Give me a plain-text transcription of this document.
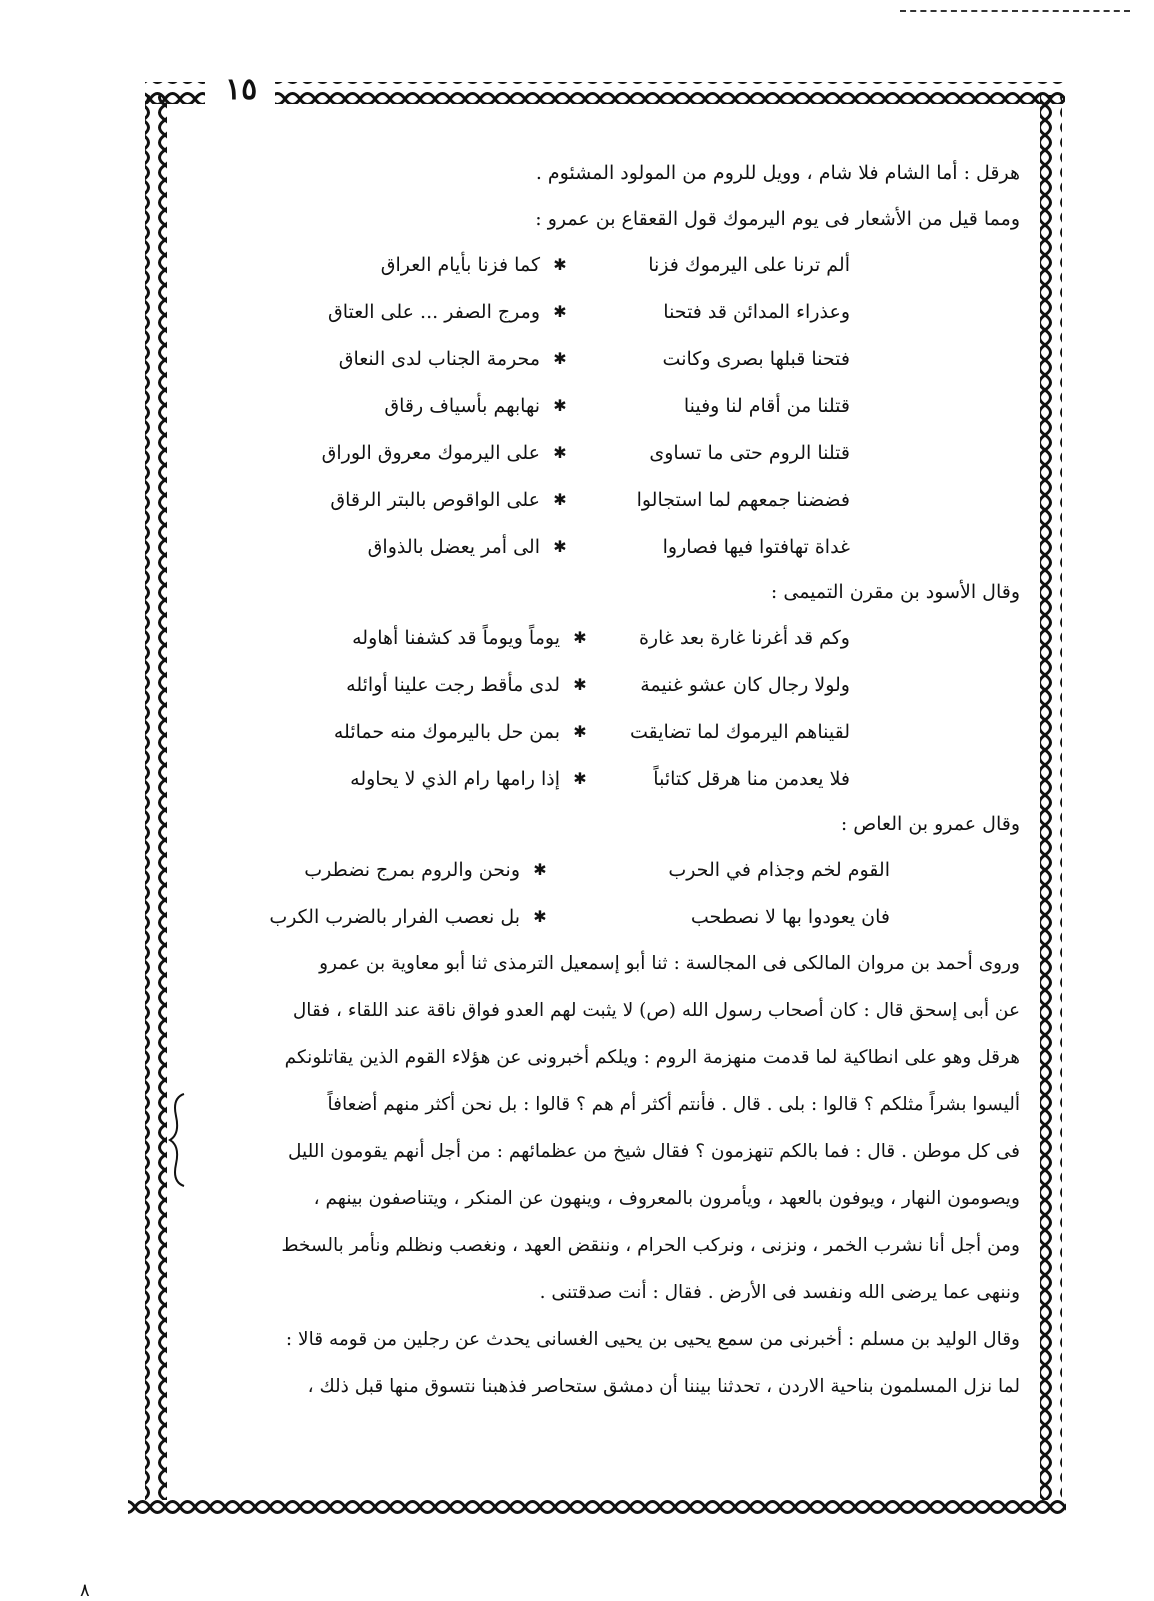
١٥

هرقل : أما الشام فلا شام ، وويل للروم من المولود المشئوم .

ومما قيل من الأشعار فى يوم اليرموك قول القعقاع بن عمرو :

ألم ترنا على اليرموك فزنا
✱
كما فزنا بأيام العراق
وعذراء المدائن قد فتحنا
✱
ومرج الصفر ... على العتاق
فتحنا قبلها بصرى وكانت
✱
محرمة الجناب لدى النعاق
قتلنا من أقام لنا وفينا
✱
نهابهم بأسياف رقاق
قتلنا الروم حتى ما تساوى
✱
على اليرموك معروق الوراق
فضضنا جمعهم لما استجالوا
✱
على الواقوص بالبتر الرقاق
غداة تهافتوا فيها فصاروا
✱
الى أمر يعضل بالذواق

وقال الأسود بن مقرن التميمى :

وكم قد أغرنا غارة بعد غارة
✱
يوماً ويوماً قد كشفنا أهاوله
ولولا رجال كان عشو غنيمة
✱
لدى مأقط رجت علينا أوائله
لقيناهم اليرموك لما تضايقت
✱
بمن حل باليرموك منه حمائله
فلا يعدمن منا هرقل كتائباً
✱
إذا رامها رام الذي لا يحاوله

وقال عمرو بن العاص :

القوم لخم وجذام في الحرب
✱
ونحن والروم بمرج نضطرب
فان يعودوا بها لا نصطحب
✱
بل نعصب الفرار بالضرب الكرب

وروى أحمد بن مروان المالكى فى المجالسة : ثنا أبو إسمعيل الترمذى ثنا أبو معاوية بن عمرو

عن أبى إسحق قال : كان أصحاب رسول الله (ص) لا يثبت لهم العدو فواق ناقة عند اللقاء ، فقال

هرقل وهو على انطاكية لما قدمت منهزمة الروم : ويلكم أخبرونى عن هؤلاء القوم الذين يقاتلونكم

أليسوا بشراً مثلكم ؟ قالوا : بلى . قال . فأنتم أكثر أم هم ؟ قالوا : بل نحن أكثر منهم أضعافاً

فى كل موطن . قال : فما بالكم تنهزمون ؟ فقال شيخ من عظمائهم : من أجل أنهم يقومون الليل

ويصومون النهار ، ويوفون بالعهد ، ويأمرون بالمعروف ، وينهون عن المنكر ، ويتناصفون بينهم ،

ومن أجل أنا نشرب الخمر ، ونزنى ، ونركب الحرام ، وننقض العهد ، ونغصب ونظلم ونأمر بالسخط

وننهى عما يرضى الله ونفسد فى الأرض . فقال : أنت صدقتنى .

وقال الوليد بن مسلم : أخبرنى من سمع يحيى بن يحيى الغسانى يحدث عن رجلين من قومه قالا :

لما نزل المسلمون بناحية الاردن ، تحدثنا بيننا أن دمشق ستحاصر فذهبنا نتسوق منها قبل ذلك ،

٨
